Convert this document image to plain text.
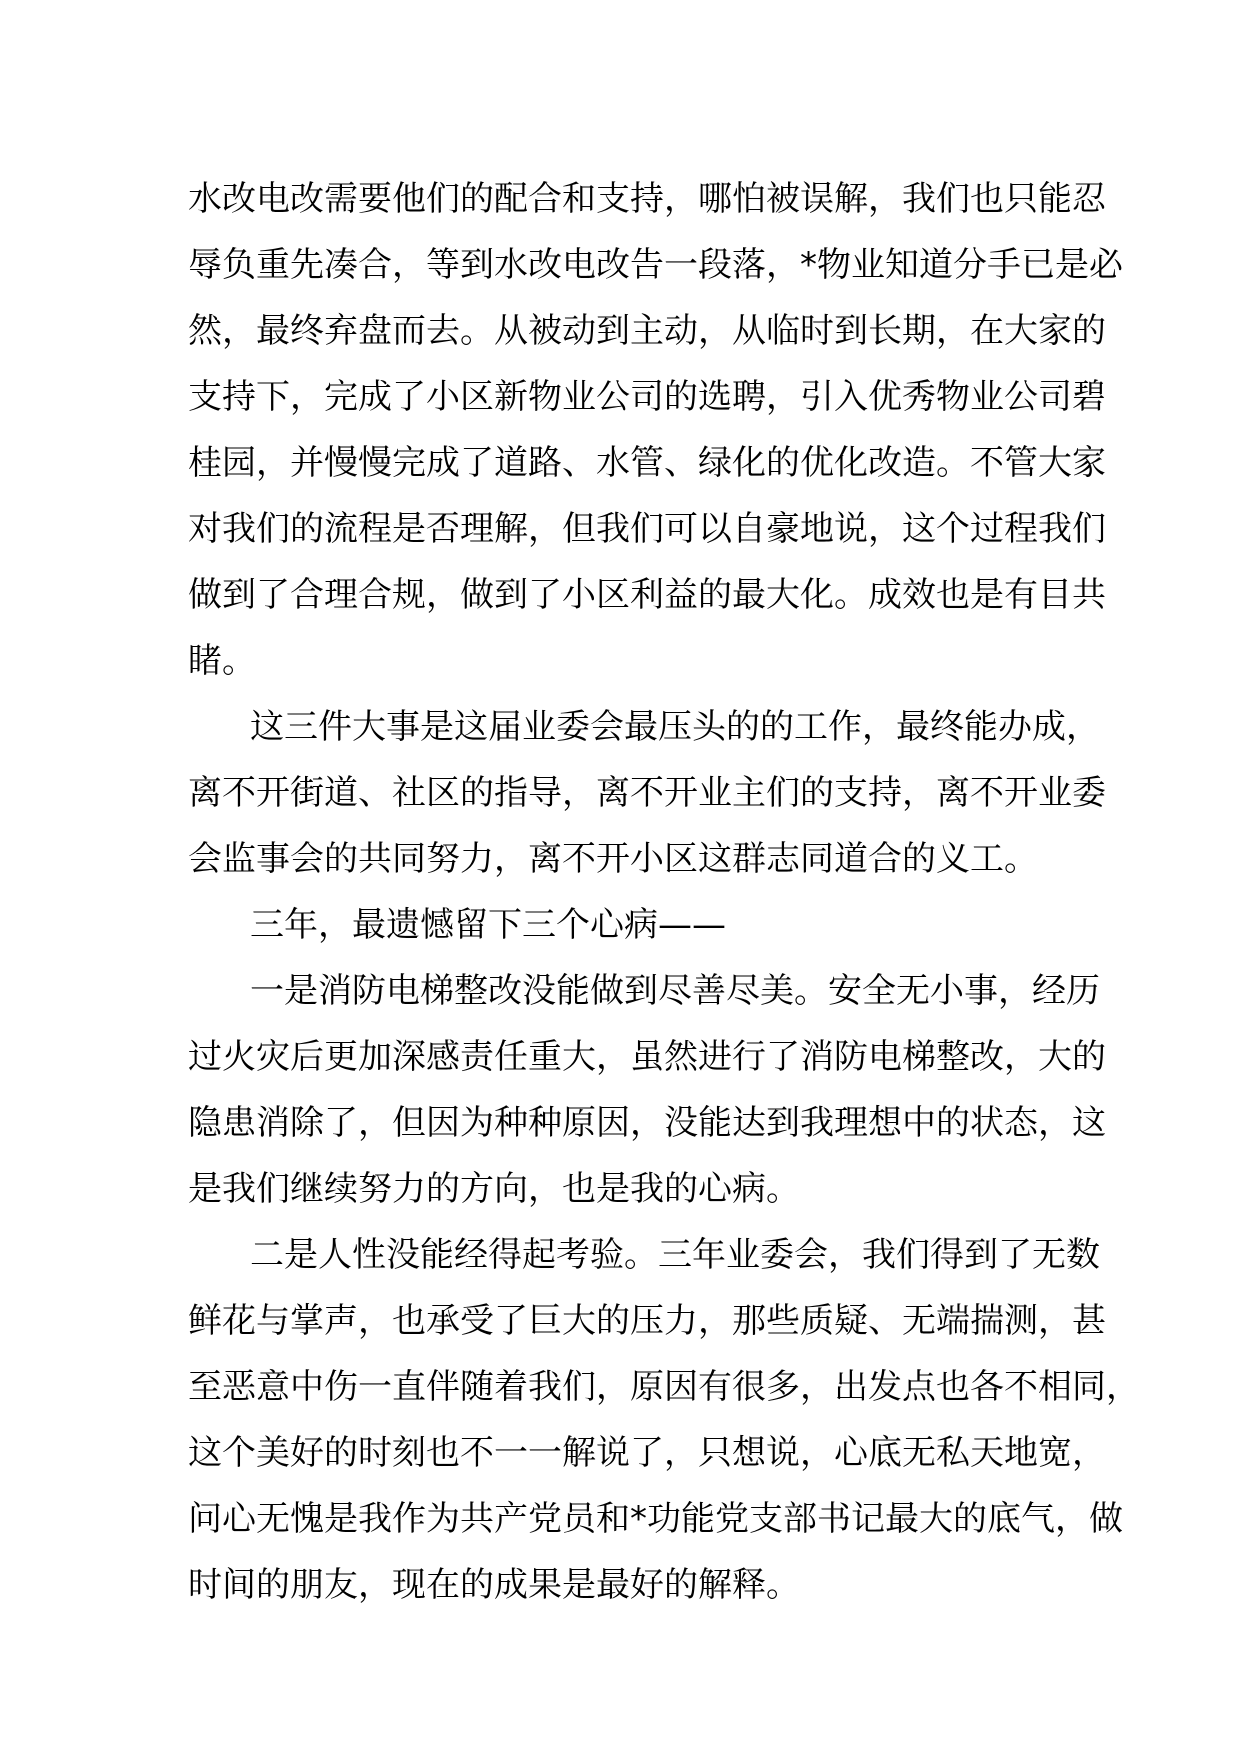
水改电改需要他们的配合和支持，哪怕被误解，我们也只能忍
辱负重先凑合，等到水改电改告一段落，*物业知道分手已是必
然，最终弃盘而去。从被动到主动，从临时到长期，在大家的
支持下，完成了小区新物业公司的选聘，引入优秀物业公司碧
桂园，并慢慢完成了道路、水管、绿化的优化改造。不管大家
对我们的流程是否理解，但我们可以自豪地说，这个过程我们
做到了合理合规，做到了小区利益的最大化。成效也是有目共
睹。
这三件大事是这届业委会最压头的的工作，最终能办成，
离不开街道、社区的指导，离不开业主们的支持，离不开业委
会监事会的共同努力，离不开小区这群志同道合的义工。
三年，最遗憾留下三个心病——
一是消防电梯整改没能做到尽善尽美。安全无小事，经历
过火灾后更加深感责任重大，虽然进行了消防电梯整改，大的
隐患消除了，但因为种种原因，没能达到我理想中的状态，这
是我们继续努力的方向，也是我的心病。
二是人性没能经得起考验。三年业委会，我们得到了无数
鲜花与掌声，也承受了巨大的压力，那些质疑、无端揣测，甚
至恶意中伤一直伴随着我们，原因有很多，出发点也各不相同，
这个美好的时刻也不一一解说了，只想说，心底无私天地宽，
问心无愧是我作为共产党员和*功能党支部书记最大的底气，做
时间的朋友，现在的成果是最好的解释。
